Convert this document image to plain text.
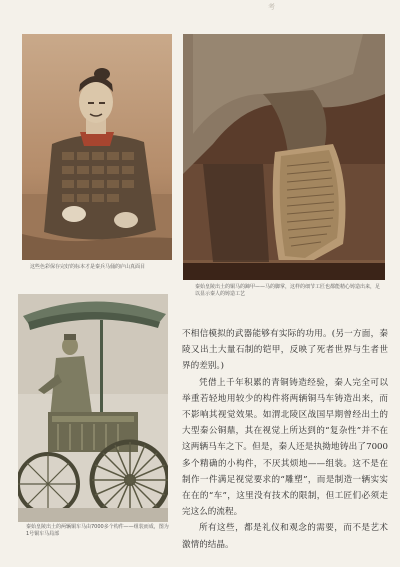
考
这些色彩保存完好的标本才是秦兵马俑的庐山真面目
秦始皇陵出土的铜马的蹄甲——马的脚掌，这样的细节工匠也都能精心铸造出来，足以显示秦人的铸造工艺
秦始皇陵出土的两辆铜车马由7000多个构件——组装而成，图为1号铜车马局部

不相信模拟的武器能够有实际的功用。(另一方面，秦陵又出土大量石制的铠甲，反映了死者世界与生者世界的差别。)

凭借上千年积累的青铜铸造经验，秦人完全可以举重若轻地用较少的构件将两辆铜马车铸造出来，而不影响其视觉效果。如渭北陵区战国早期曾经出土的大型秦公铜鼎，其在视觉上所达到的“复杂性”并不在这两辆马车之下。但是，秦人还是执拗地铸出了7000多个精确的小构件，不厌其烦地——组装。这不是在制作一件满足视觉要求的“雕塑”，而是制造一辆实实在在的“车”，这里没有技术的限制，但工匠们必须走完这么的流程。

所有这些，都是礼仪和观念的需要，而不是艺术激情的结晶。
